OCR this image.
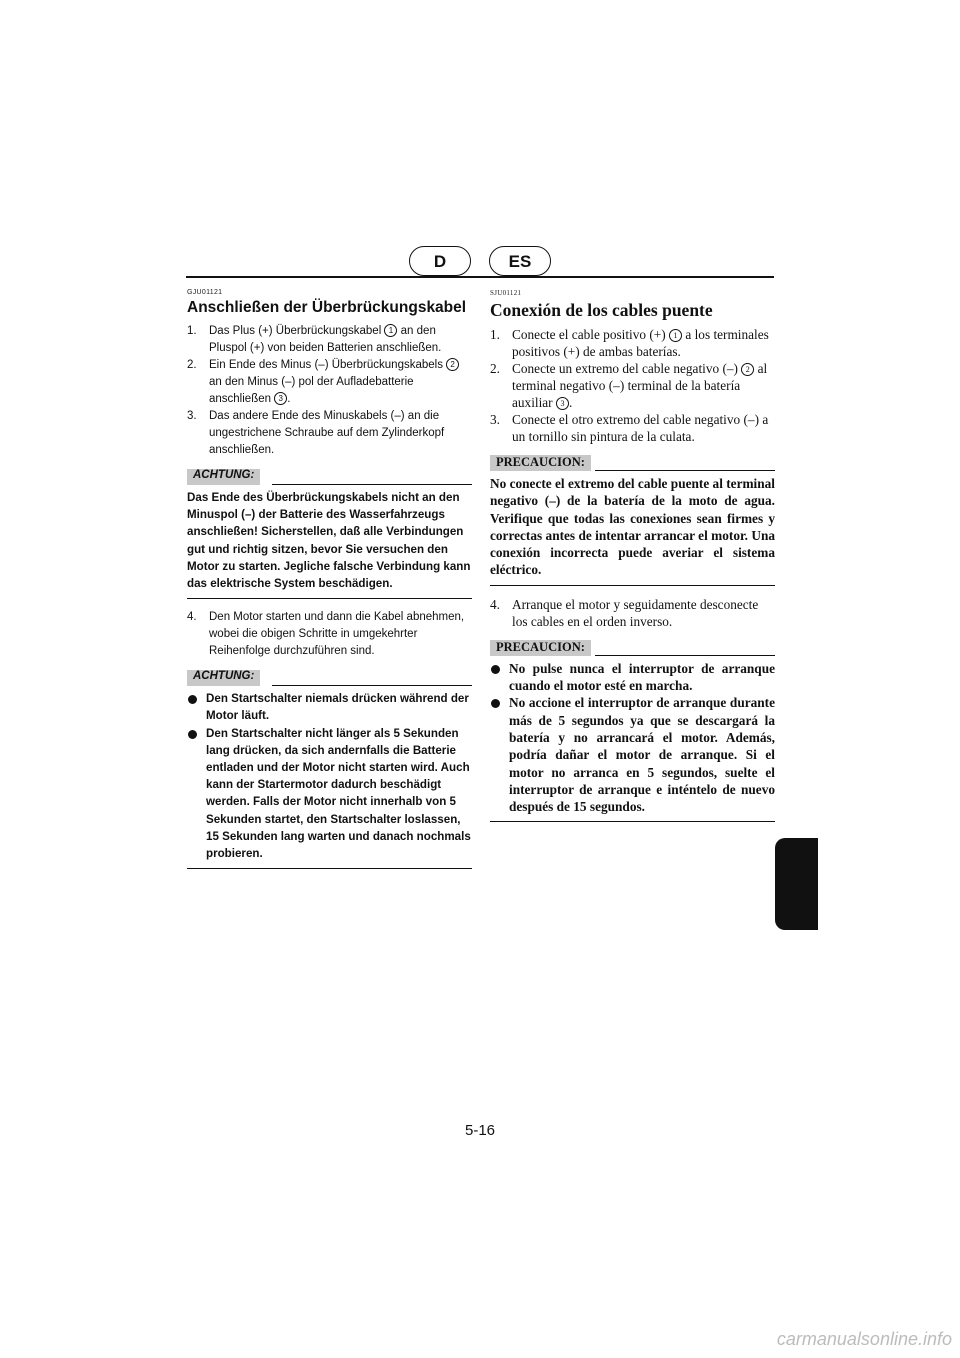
D	ES
GJU01121
Anschließen der Überbrückungskabel
1. Das Plus (+) Überbrückungskabel 1 an den Pluspol (+) von beiden Batterien anschließen.
2. Ein Ende des Minus (–) Überbrückungskabels 2 an den Minus (–) pol der Aufladebatterie anschließen 3 .
3. Das andere Ende des Minuskabels (–) an die ungestrichene Schraube auf dem Zylinderkopf anschließen.
ACHTUNG:
Das Ende des Überbrückungskabels nicht an den Minuspol (–) der Batterie des Wasserfahrzeugs anschließen! Sicherstellen, daß alle Verbindungen gut und richtig sitzen, bevor Sie versuchen den Motor zu starten. Jegliche falsche Verbindung kann das elektrische System beschädigen.
4. Den Motor starten und dann die Kabel abnehmen, wobei die obigen Schritte in umgekehrter Reihenfolge durchzuführen sind.
ACHTUNG:
Den Startschalter niemals drücken während der Motor läuft.
Den Startschalter nicht länger als 5 Sekunden lang drücken, da sich andernfalls die Batterie entladen und der Motor nicht starten wird. Auch kann der Startermotor dadurch beschädigt werden. Falls der Motor nicht innerhalb von 5 Sekunden startet, den Startschalter loslassen, 15 Sekunden lang warten und danach nochmals probieren.
SJU01121
Conexión de los cables puente
1. Conecte el cable positivo (+) 1 a los terminales positivos (+) de ambas baterías.
2. Conecte un extremo del cable negativo (–) 2 al terminal negativo (–) terminal de la batería auxiliar 3 .
3. Conecte el otro extremo del cable negativo (–) a un tornillo sin pintura de la culata.
PRECAUCION:
No conecte el extremo del cable puente al terminal negativo (–) de la batería de la moto de agua. Verifique que todas las conexiones sean firmes y correctas antes de intentar arrancar el motor. Una conexión incorrecta puede averiar el sistema eléctrico.
4. Arranque el motor y seguidamente desconecte los cables en el orden inverso.
PRECAUCION:
No pulse nunca el interruptor de arranque cuando el motor esté en marcha.
No accione el interruptor de arranque durante más de 5 segundos ya que se descargará la batería y no arrancará el motor. Además, podría dañar el motor de arranque. Si el motor no arranca en 5 segundos, suelte el interruptor de arranque e inténtelo de nuevo después de 15 segundos.
5-16
carmanualsonline.info
